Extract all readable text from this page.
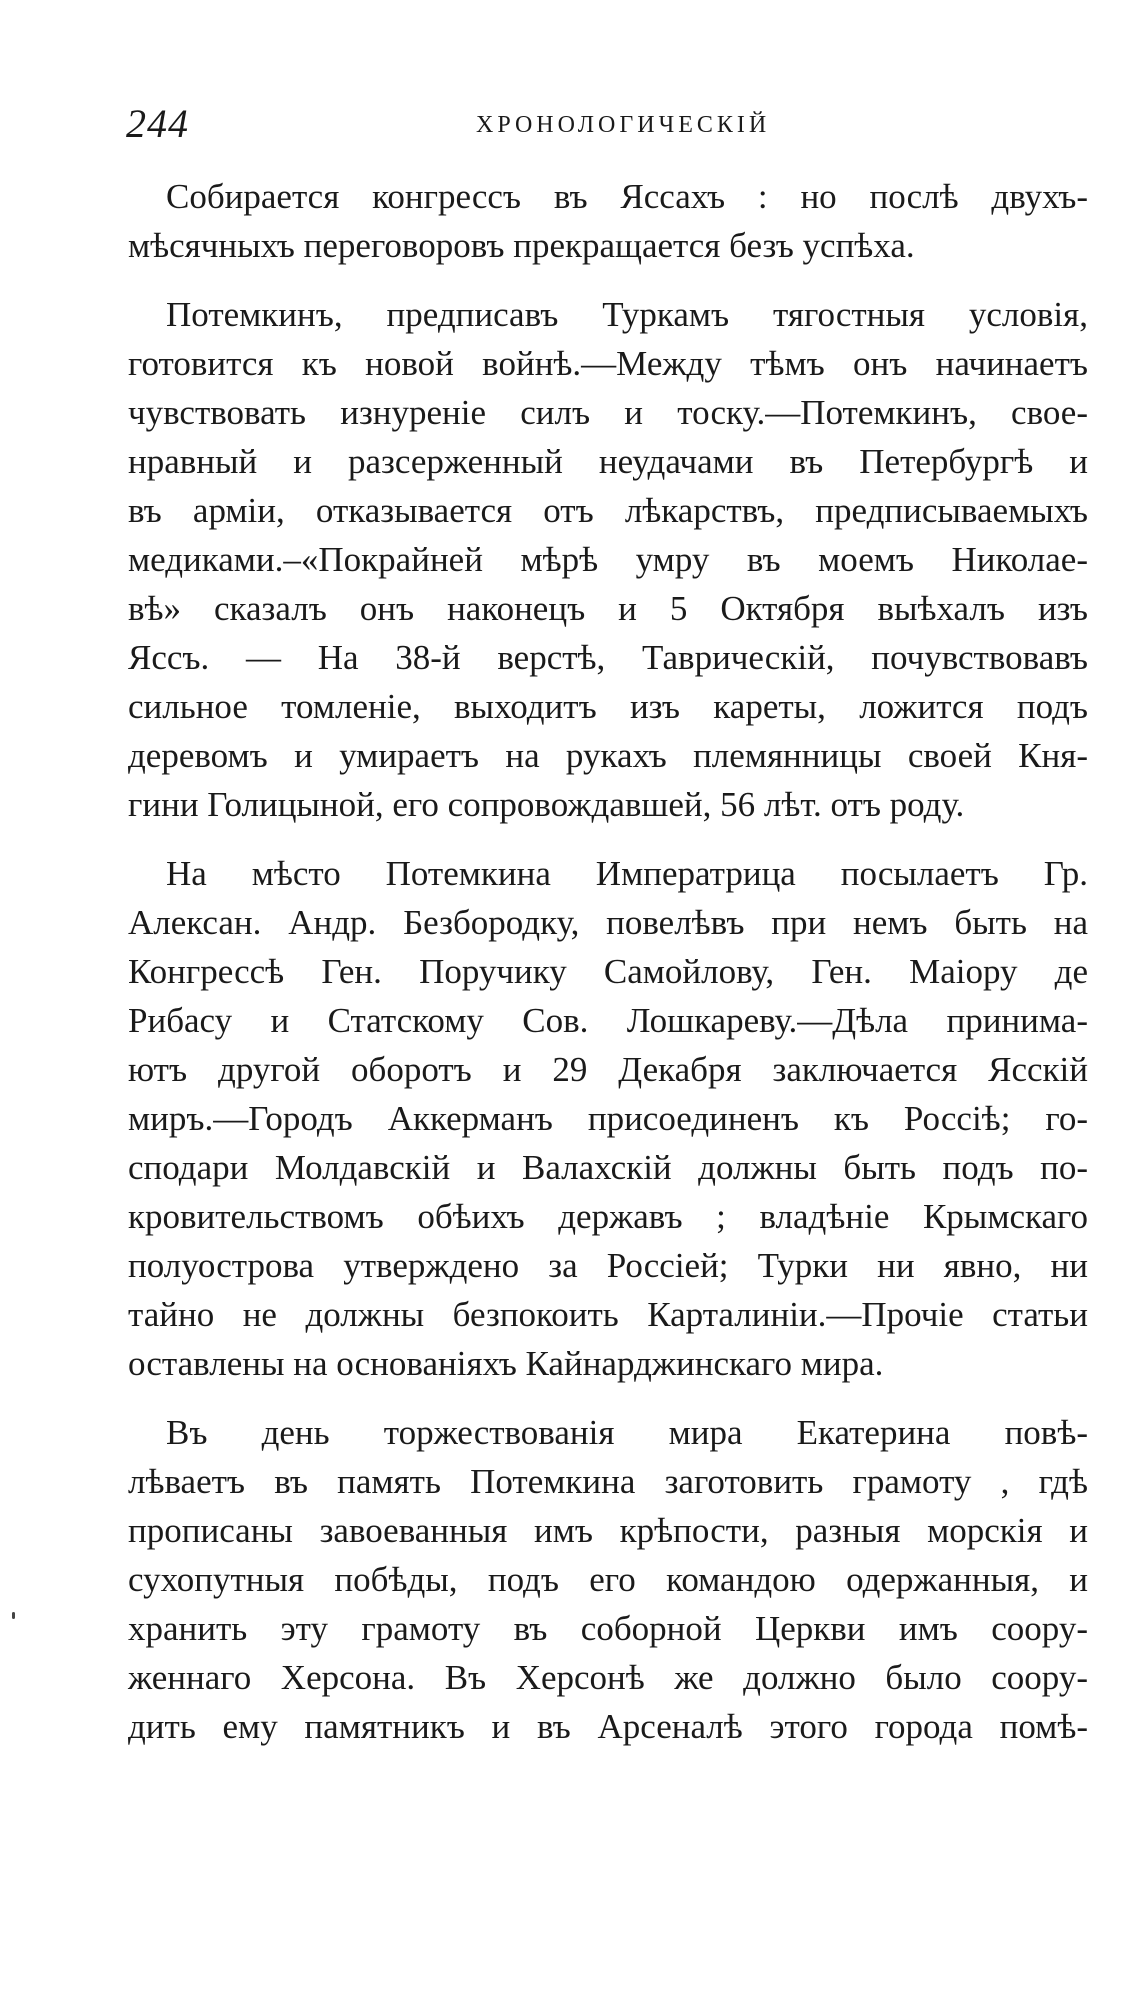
244	ХРОНОЛОГИЧЕСКІЙ
Собирается конгрессъ въ Яссахъ : но послѣ двухъ-
мѣсячныхъ переговоровъ прекращается безъ успѣха.
Потемкинъ, предписавъ Туркамъ тягостныя условія,
готовится къ новой войнѣ.—Между тѣмъ онъ начинаетъ
чувствовать изнуреніе силъ и тоску.—Потемкинъ, свое-
нравный и разсерженный неудачами въ Петербургѣ и
въ арміи, отказывается отъ лѣкарствъ, предписываемыхъ
медиками.–«Покрайней мѣрѣ умру въ моемъ Николае-
вѣ» сказалъ онъ наконецъ и 5 Октября выѣхалъ изъ
Яссъ. — На 38-й верстѣ, Таврическій, почувствовавъ
сильное томленіе, выходитъ изъ кареты, ложится подъ
деревомъ и умираетъ на рукахъ племянницы своей Кня-
гини Голицыной, его сопровождавшей, 56 лѣт. отъ роду.
На мѣсто Потемкина Императрица посылаетъ Гр.
Алексан. Андр. Безбородку, повелѣвъ при немъ быть на
Конгрессѣ Ген. Поручику Самойлову, Ген. Маіору де
Рибасу и Статскому Сов. Лошкареву.—Дѣла принима-
ютъ другой оборотъ и 29 Декабря заключается Ясскій
миръ.—Городъ Аккерманъ присоединенъ къ Россіѣ; го-
сподари Молдавскій и Валахскій должны быть подъ по-
кровительствомъ обѣихъ державъ ; владѣніе Крымскаго
полуострова утверждено за Россіей; Турки ни явно, ни
тайно не должны безпокоить Карталиніи.—Прочіе статьи
оставлены на основаніяхъ Кайнарджинскаго мира.
Въ день торжествованія мира Екатерина повѣ-
лѣваетъ въ память Потемкина заготовить грамоту , гдѣ
прописаны завоеванныя имъ крѣпости, разныя морскія и
сухопутныя побѣды, подъ его командою одержанныя, и
хранить эту грамоту въ соборной Церкви имъ соору-
женнаго Херсона. Въ Херсонѣ же должно было соору-
дить ему памятникъ и въ Арсеналѣ этого города помѣ-
